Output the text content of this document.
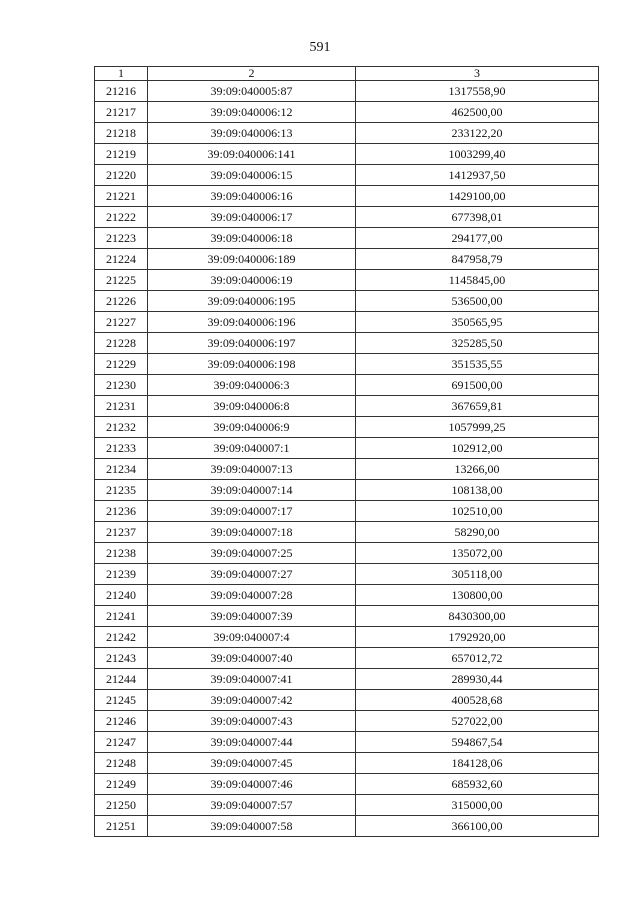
591
1	2	3
21216	39:09:040005:87	1317558,90
21217	39:09:040006:12	462500,00
21218	39:09:040006:13	233122,20
21219	39:09:040006:141	1003299,40
21220	39:09:040006:15	1412937,50
21221	39:09:040006:16	1429100,00
21222	39:09:040006:17	677398,01
21223	39:09:040006:18	294177,00
21224	39:09:040006:189	847958,79
21225	39:09:040006:19	1145845,00
21226	39:09:040006:195	536500,00
21227	39:09:040006:196	350565,95
21228	39:09:040006:197	325285,50
21229	39:09:040006:198	351535,55
21230	39:09:040006:3	691500,00
21231	39:09:040006:8	367659,81
21232	39:09:040006:9	1057999,25
21233	39:09:040007:1	102912,00
21234	39:09:040007:13	13266,00
21235	39:09:040007:14	108138,00
21236	39:09:040007:17	102510,00
21237	39:09:040007:18	58290,00
21238	39:09:040007:25	135072,00
21239	39:09:040007:27	305118,00
21240	39:09:040007:28	130800,00
21241	39:09:040007:39	8430300,00
21242	39:09:040007:4	1792920,00
21243	39:09:040007:40	657012,72
21244	39:09:040007:41	289930,44
21245	39:09:040007:42	400528,68
21246	39:09:040007:43	527022,00
21247	39:09:040007:44	594867,54
21248	39:09:040007:45	184128,06
21249	39:09:040007:46	685932,60
21250	39:09:040007:57	315000,00
21251	39:09:040007:58	366100,00
